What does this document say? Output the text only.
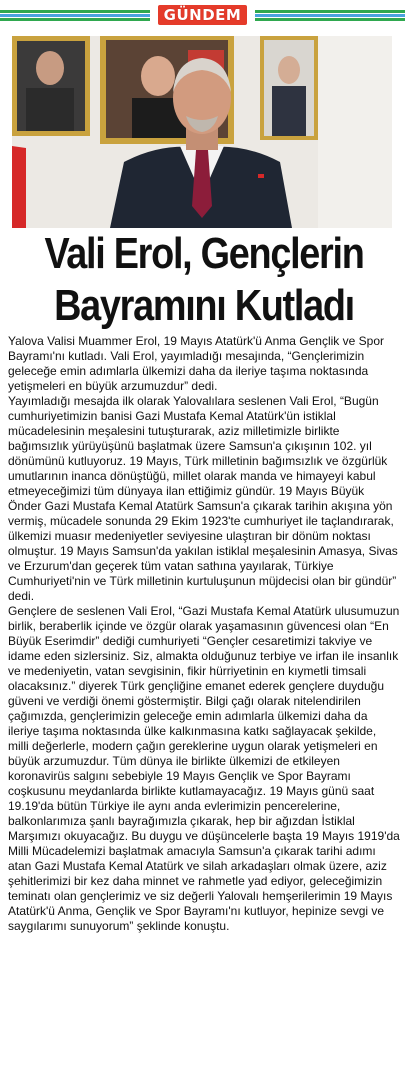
GÜNDEM
Vali Erol, Gençlerin
Bayramını Kutladı

Yalova Valisi Muammer Erol, 19 Mayıs Atatürk'ü Anma Gençlik ve Spor Bayramı'nı kutladı. Vali Erol, yayımladığı mesajında, “Gençlerimizin geleceğe emin adımlarla ülkemizi daha da ileriye taşıma noktasında yetişmeleri en büyük arzumuzdur” dedi.

Yayımladığı mesajda ilk olarak Yalovalılara seslenen Vali Erol, “Bugün cumhuriyetimizin banisi Gazi Mustafa Kemal Atatürk'ün istiklal mücadelesinin meşalesini tutuşturarak, aziz milletimizle birlikte bağımsızlık yürüyüşünü başlatmak üzere Samsun'a çıkışının 102. yıl dönümünü kutluyoruz. 19 Mayıs, Türk milletinin bağımsızlık ve özgürlük umutlarının inanca dönüştüğü, millet olarak manda ve himayeyi kabul etmeyeceğimizi tüm dünyaya ilan ettiğimiz gündür. 19 Mayıs Büyük Önder Gazi Mustafa Kemal Atatürk Samsun'a çıkarak tarihin akışına yön vermiş, mücadele sonunda 29 Ekim 1923'te cumhuriyet ile taçlandırarak, ülkemizi muasır medeniyetler seviyesine ulaştıran bir dönüm noktası olmuştur. 19 Mayıs Samsun'da yakılan istiklal meşalesinin Amasya, Sivas ve Erzurum'dan geçerek tüm vatan sathına yayılarak, Türkiye Cumhuriyeti'nin ve Türk milletinin kurtuluşunun müjdecisi olan bir gündür” dedi.

Gençlere de seslenen Vali Erol, “Gazi Mustafa Kemal Atatürk ulusumuzun birlik, beraberlik içinde ve özgür olarak yaşamasının güvencesi olan “En Büyük Eserimdir” dediği cumhuriyeti “Gençler cesaretimizi takviye ve idame eden sizlersiniz. Siz, almakta olduğunuz terbiye ve irfan ile insanlık ve medeniyetin, vatan sevgisinin, fikir hürriyetinin en kıymetli timsali olacaksınız.” diyerek Türk gençliğine emanet ederek gençlere duyduğu güveni ve verdiği önemi göstermiştir. Bilgi çağı olarak nitelendirilen çağımızda, gençlerimizin geleceğe emin adımlarla ülkemizi daha da ileriye taşıma noktasında ülke kalkınmasına katkı sağlayacak şekilde, milli değerlerle, modern çağın gereklerine uygun olarak yetişmeleri en büyük arzumuzdur. Tüm dünya ile birlikte ülkemizi de etkileyen koronavirüs salgını sebebiyle 19 Mayıs Gençlik ve Spor Bayramı coşkusunu meydanlarda birlikte kutlamayacağız. 19 Mayıs günü saat 19.19'da bütün Türkiye ile aynı anda evlerimizin pencerelerine, balkonlarımıza şanlı bayrağımızla çıkarak, hep bir ağızdan İstiklal Marşımızı okuyacağız. Bu duygu ve düşüncelerle başta 19 Mayıs 1919'da Milli Mücadelemizi başlatmak amacıyla Samsun'a çıkarak tarihi adımı atan Gazi Mustafa Kemal Atatürk ve silah arkadaşları olmak üzere, aziz şehitlerimizi bir kez daha minnet ve rahmetle yad ediyor, geleceğimizin teminatı olan gençlerimiz ve siz değerli Yalovalı hemşerilerimin 19 Mayıs Atatürk'ü Anma, Gençlik ve Spor Bayramı'nı kutluyor, hepinize sevgi ve saygılarımı sunuyorum” şeklinde konuştu.
